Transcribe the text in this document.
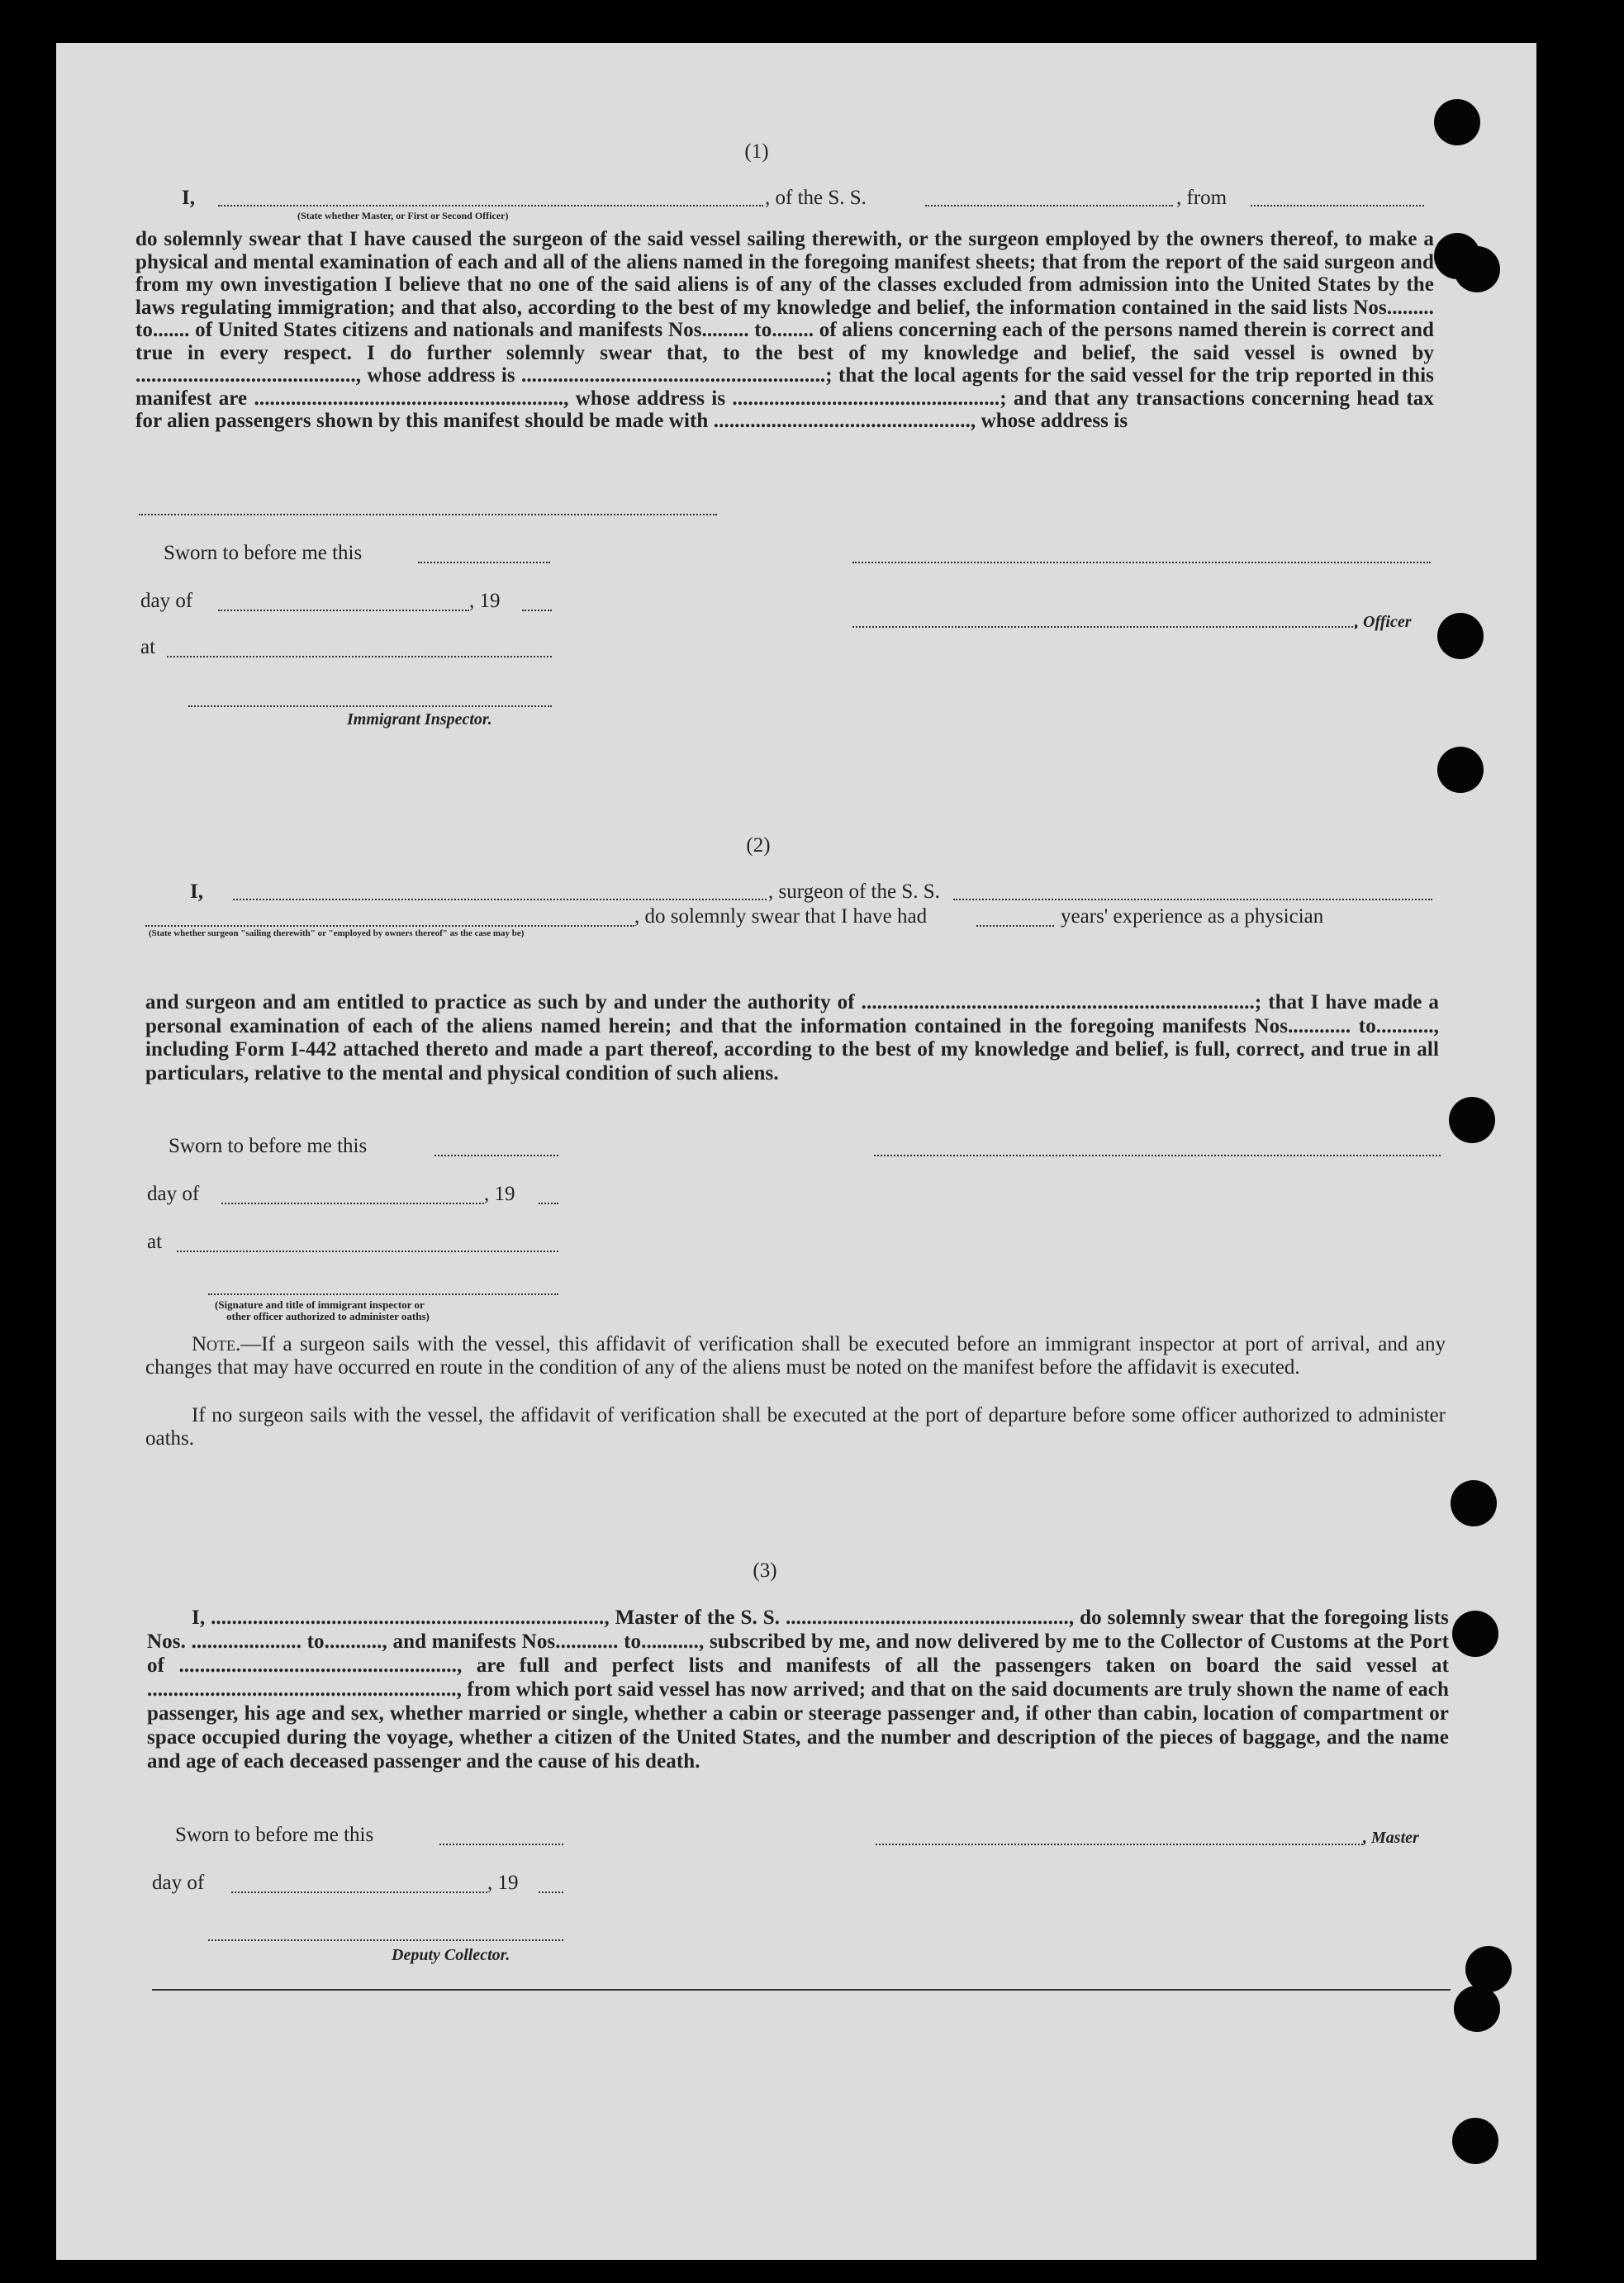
(1)
I,	, of the S. S.	, from
(State whether Master, or First or Second Officer)
do solemnly swear that I have caused the surgeon of the said vessel sailing therewith, or the surgeon employed by the owners thereof, to make a physical and mental examination of each and all of the aliens named in the foregoing manifest sheets; that from the report of the said surgeon and from my own investigation I believe that no one of the said aliens is of any of the classes excluded from admission into the United States by the laws regulating immigration; and that also, according to the best of my knowledge and belief, the information contained in the said lists Nos......... to....... of United States citizens and nationals and manifests Nos......... to........ of aliens concerning each of the persons named therein is correct and true in every respect. I do further solemnly swear that, to the best of my knowledge and belief, the said vessel is owned by .........................................., whose address is ..........................................................; that the local agents for the said vessel for the trip reported in this manifest are ..........................................................., whose address is ...................................................; and that any transactions concerning head tax for alien passengers shown by this manifest should be made with ................................................., whose address is
Sworn to before me this
day of	, 19
, Officer
at
Immigrant Inspector.
(2)
I,	, surgeon of the S. S.
, do solemnly swear that I have had	years' experience as a physician
(State whether surgeon "sailing therewith" or "employed by owners thereof" as the case may be)
and surgeon and am entitled to practice as such by and under the authority of ...........................................................................; that I have made a personal examination of each of the aliens named herein; and that the information contained in the foregoing manifests Nos............ to..........., including Form I-442 attached thereto and made a part thereof, according to the best of my knowledge and belief, is full, correct, and true in all particulars, relative to the mental and physical condition of such aliens.
Sworn to before me this
day of	, 19
at
(Signature and title of immigrant inspector or
other officer authorized to administer oaths)
Note.—If a surgeon sails with the vessel, this affidavit of verification shall be executed before an immigrant inspector at port of arrival, and any changes that may have occurred en route in the condition of any of the aliens must be noted on the manifest before the affidavit is executed.
If no surgeon sails with the vessel, the affidavit of verification shall be executed at the port of departure before some officer authorized to administer oaths.
(3)
I, ..........................................................................., Master of the S. S. ......................................................, do solemnly swear that the foregoing lists Nos. ..................... to..........., and manifests Nos............ to..........., subscribed by me, and now delivered by me to the Collector of Customs at the Port of ....................................................., are full and perfect lists and manifests of all the passengers taken on board the said vessel at ..........................................................., from which port said vessel has now arrived; and that on the said documents are truly shown the name of each passenger, his age and sex, whether married or single, whether a cabin or steerage passenger and, if other than cabin, location of compartment or space occupied during the voyage, whether a citizen of the United States, and the number and description of the pieces of baggage, and the name and age of each deceased passenger and the cause of his death.
Sworn to before me this	, Master
day of	, 19
Deputy Collector.
